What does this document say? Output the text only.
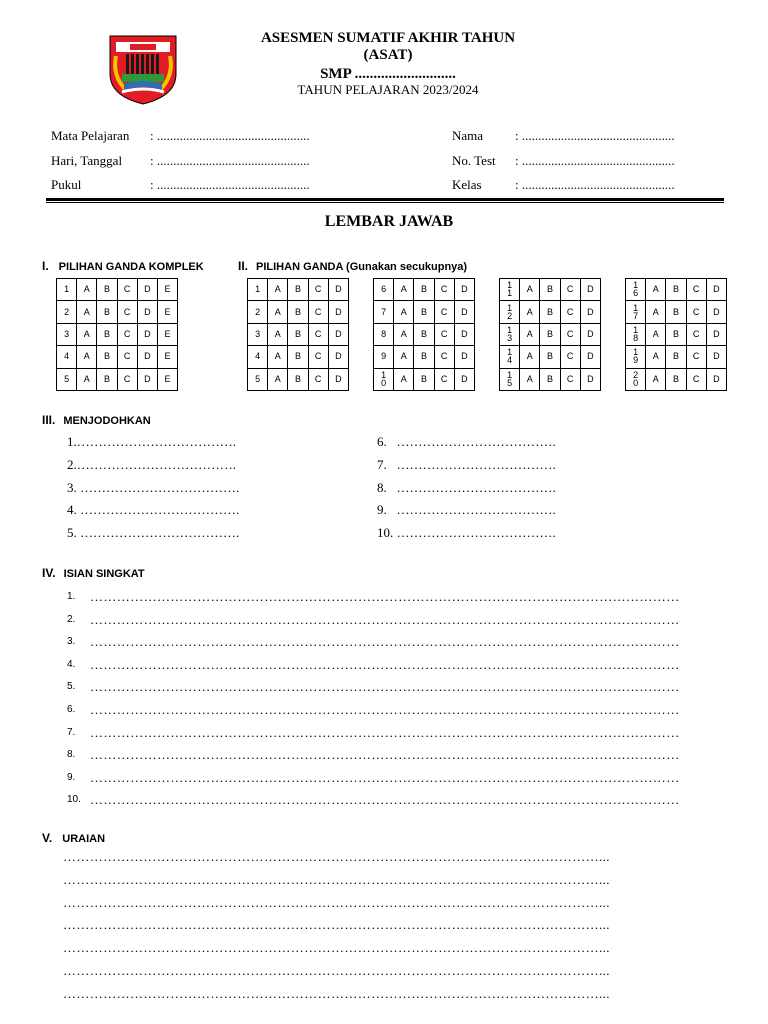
ASESMEN SUMATIF AKHIR TAHUN
(ASAT)
SMP ...........................
TAHUN PELAJARAN 2023/2024
Mata Pelajaran : ...............................................
Hari, Tanggal : ...............................................
Pukul	: ...............................................
Nama : ...............................................
No. Test : ...............................................
Kelas	: ...............................................
LEMBAR JAWAB
I. PILIHAN GANDA KOMPLEK	II. PILIHAN GANDA (Gunakan secukupnya)
1	A	B	C	D	E
2	A	B	C	D	E
3	A	B	C	D	E
4	A	B	C	D	E
5	A	B	C	D	E
1	A	B	C	D
2	A	B	C	D
3	A	B	C	D
4	A	B	C	D
5	A	B	C	D
6	A	B	C	D
7	A	B	C	D
8	A	B	C	D
9	A	B	C	D
1
0	A	B	C	D
1
1	A	B	C	D
1
2	A	B	C	D
1
3	A	B	C	D
1
4	A	B	C	D
1
5	A	B	C	D
1
6	A	B	C	D
1
7	A	B	C	D
1
8	A	B	C	D
1
9	A	B	C	D
2
0	A	B	C	D
III. MENJODOHKAN
1.……………………………….
2.……………………………….
3. ……………………………….
4. ……………………………….
5. ……………………………….
6.   ……………………………….
7.   ……………………………….
8.   ……………………………….
9.   ……………………………….
10. ……………………………….
IV. ISIAN SINGKAT
1. ……………………………………………………………………………………………………………………
2. ……………………………………………………………………………………………………………………
3. ……………………………………………………………………………………………………………………
4. ……………………………………………………………………………………………………………………
5. ……………………………………………………………………………………………………………………
6. ……………………………………………………………………………………………………………………
7. ……………………………………………………………………………………………………………………
8. ……………………………………………………………………………………………………………………
9. ……………………………………………………………………………………………………………………
10. ……………………………………………………………………………………………………………………
V. URAIAN
…………………………………………………………………………………………………………...
…………………………………………………………………………………………………………...
…………………………………………………………………………………………………………...
…………………………………………………………………………………………………………...
…………………………………………………………………………………………………………...
…………………………………………………………………………………………………………...
…………………………………………………………………………………………………………...
